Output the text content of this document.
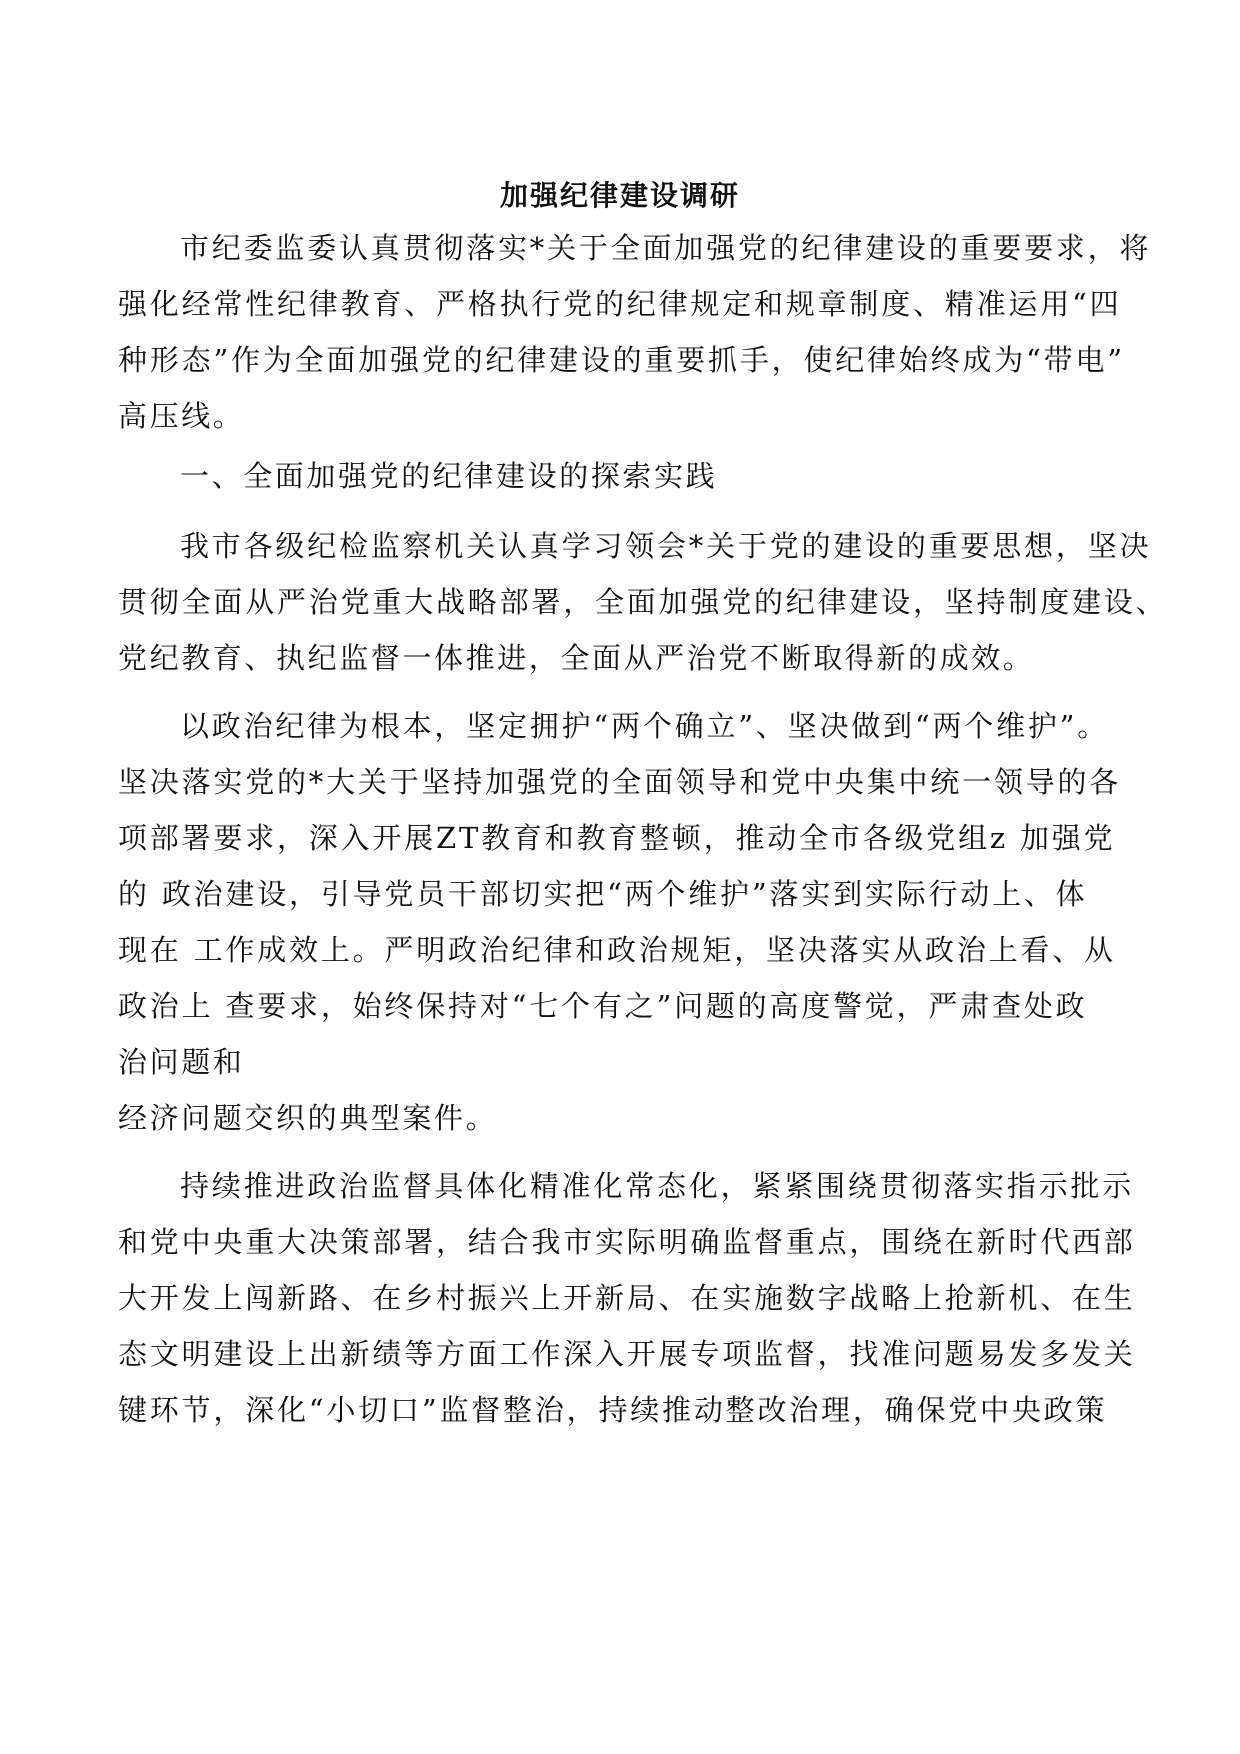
加强纪律建设调研
市纪委监委认真贯彻落实*关于全面加强党的纪律建设的重要要求，将
强化经常性纪律教育、严格执行党的纪律规定和规章制度、精准运用“四
种形态”作为全面加强党的纪律建设的重要抓手，使纪律始终成为“带电”
高压线。
一、全面加强党的纪律建设的探索实践
我市各级纪检监察机关认真学习领会*关于党的建设的重要思想，坚决
贯彻全面从严治党重大战略部署，全面加强党的纪律建设，坚持制度建设、
党纪教育、执纪监督一体推进，全面从严治党不断取得新的成效。
以政治纪律为根本，坚定拥护“两个确立”、坚决做到“两个维护”。
坚决落实党的*大关于坚持加强党的全面领导和党中央集中统一领导的各
项部署要求，深入开展ZT教育和教育整顿，推动全市各级党组z 加强党
的 政治建设，引导党员干部切实把“两个维护”落实到实际行动上、体
现在 工作成效上。严明政治纪律和政治规矩，坚决落实从政治上看、从
政治上 查要求，始终保持对“七个有之”问题的高度警觉，严肃查处政
治问题和
经济问题交织的典型案件。
持续推进政治监督具体化精准化常态化，紧紧围绕贯彻落实指示批示
和党中央重大决策部署，结合我市实际明确监督重点，围绕在新时代西部
大开发上闯新路、在乡村振兴上开新局、在实施数字战略上抢新机、在生
态文明建设上出新绩等方面工作深入开展专项监督，找准问题易发多发关
键环节，深化“小切口”监督整治，持续推动整改治理，确保党中央政策
